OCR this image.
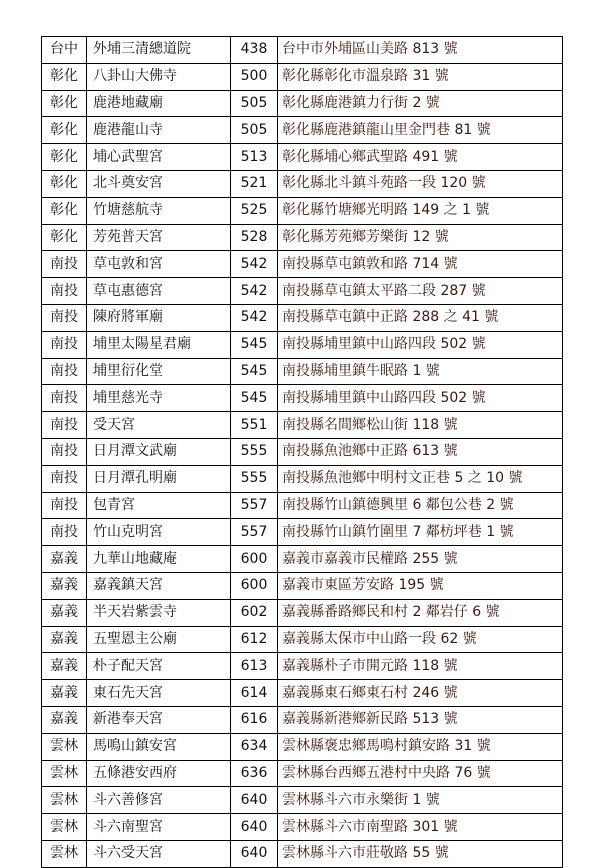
台中	外埔三清總道院	438	台中市外埔區山美路 813 號
彰化	八卦山大佛寺	500	彰化縣彰化市溫泉路 31 號
彰化	鹿港地藏廟	505	彰化縣鹿港鎮力行街 2 號
彰化	鹿港龍山寺	505	彰化縣鹿港鎮龍山里金門巷 81 號
彰化	埔心武聖宮	513	彰化縣埔心鄉武聖路 491 號
彰化	北斗奠安宮	521	彰化縣北斗鎮斗苑路一段 120 號
彰化	竹塘慈航寺	525	彰化縣竹塘鄉光明路 149 之 1 號
彰化	芳苑普天宮	528	彰化縣芳苑鄉芳樂街 12 號
南投	草屯敦和宮	542	南投縣草屯鎮敦和路 714 號
南投	草屯惠德宮	542	南投縣草屯鎮太平路二段 287 號
南投	陳府將軍廟	542	南投縣草屯鎮中正路 288 之 41 號
南投	埔里太陽星君廟	545	南投縣埔里鎮中山路四段 502 號
南投	埔里衍化堂	545	南投縣埔里鎮牛眠路 1 號
南投	埔里慈光寺	545	南投縣埔里鎮中山路四段 502 號
南投	受天宮	551	南投縣名間鄉松山街 118 號
南投	日月潭文武廟	555	南投縣魚池鄉中正路 613 號
南投	日月潭孔明廟	555	南投縣魚池鄉中明村文正巷 5 之 10 號
南投	包青宮	557	南投縣竹山鎮德興里 6 鄰包公巷 2 號
南投	竹山克明宮	557	南投縣竹山鎮竹圍里 7 鄰枋坪巷 1 號
嘉義	九華山地藏庵	600	嘉義市嘉義市民權路 255 號
嘉義	嘉義鎮天宮	600	嘉義市東區芳安路 195 號
嘉義	半天岩紫雲寺	602	嘉義縣番路鄉民和村 2 鄰岩仔 6 號
嘉義	五聖恩主公廟	612	嘉義縣太保市中山路一段 62 號
嘉義	朴子配天宮	613	嘉義縣朴子市開元路 118 號
嘉義	東石先天宮	614	嘉義縣東石鄉東石村 246 號
嘉義	新港奉天宮	616	嘉義縣新港鄉新民路 513 號
雲林	馬鳴山鎮安宮	634	雲林縣褒忠鄉馬鳴村鎮安路 31 號
雲林	五條港安西府	636	雲林縣台西鄉五港村中央路 76 號
雲林	斗六善修宮	640	雲林縣斗六市永樂街 1 號
雲林	斗六南聖宮	640	雲林縣斗六市南聖路 301 號
雲林	斗六受天宮	640	雲林縣斗六市莊敬路 55 號
